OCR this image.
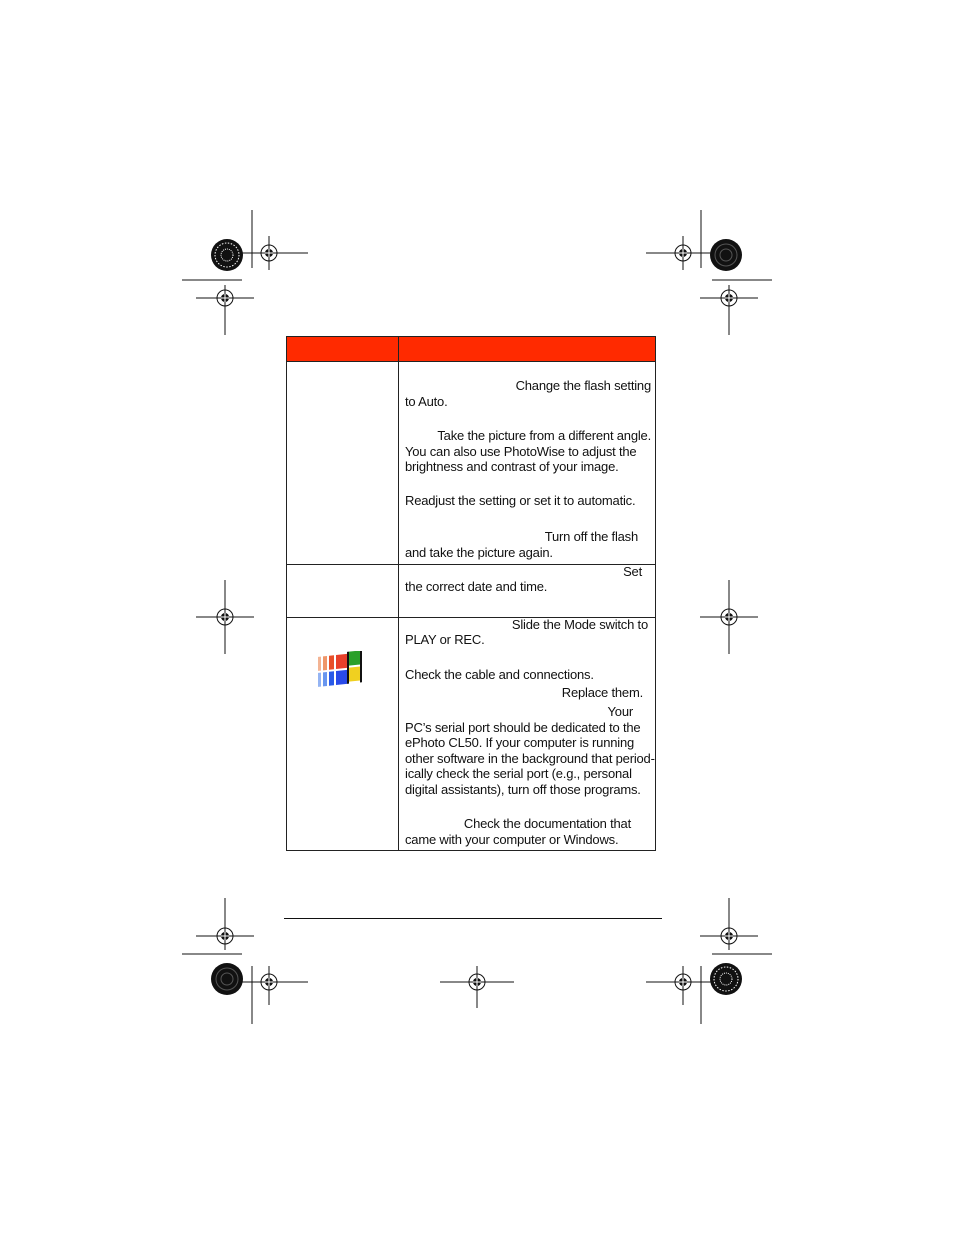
Change the flash setting
to Auto.
Take the picture from a different angle.
You can also use PhotoWise to adjust the
brightness and contrast of your image.
Readjust the setting or set it to automatic.
Turn off the flash
and take the picture again.
Set
the correct date and time.
Slide the Mode switch to
PLAY or REC.
Check the cable and connections.
Replace them.
Your
PC’s serial port should be dedicated to the
ePhoto CL50. If your computer is running
other software in the background that period-
ically check the serial port (e.g., personal
digital assistants), turn off those programs.
Check the documentation that
came with your computer or Windows.
